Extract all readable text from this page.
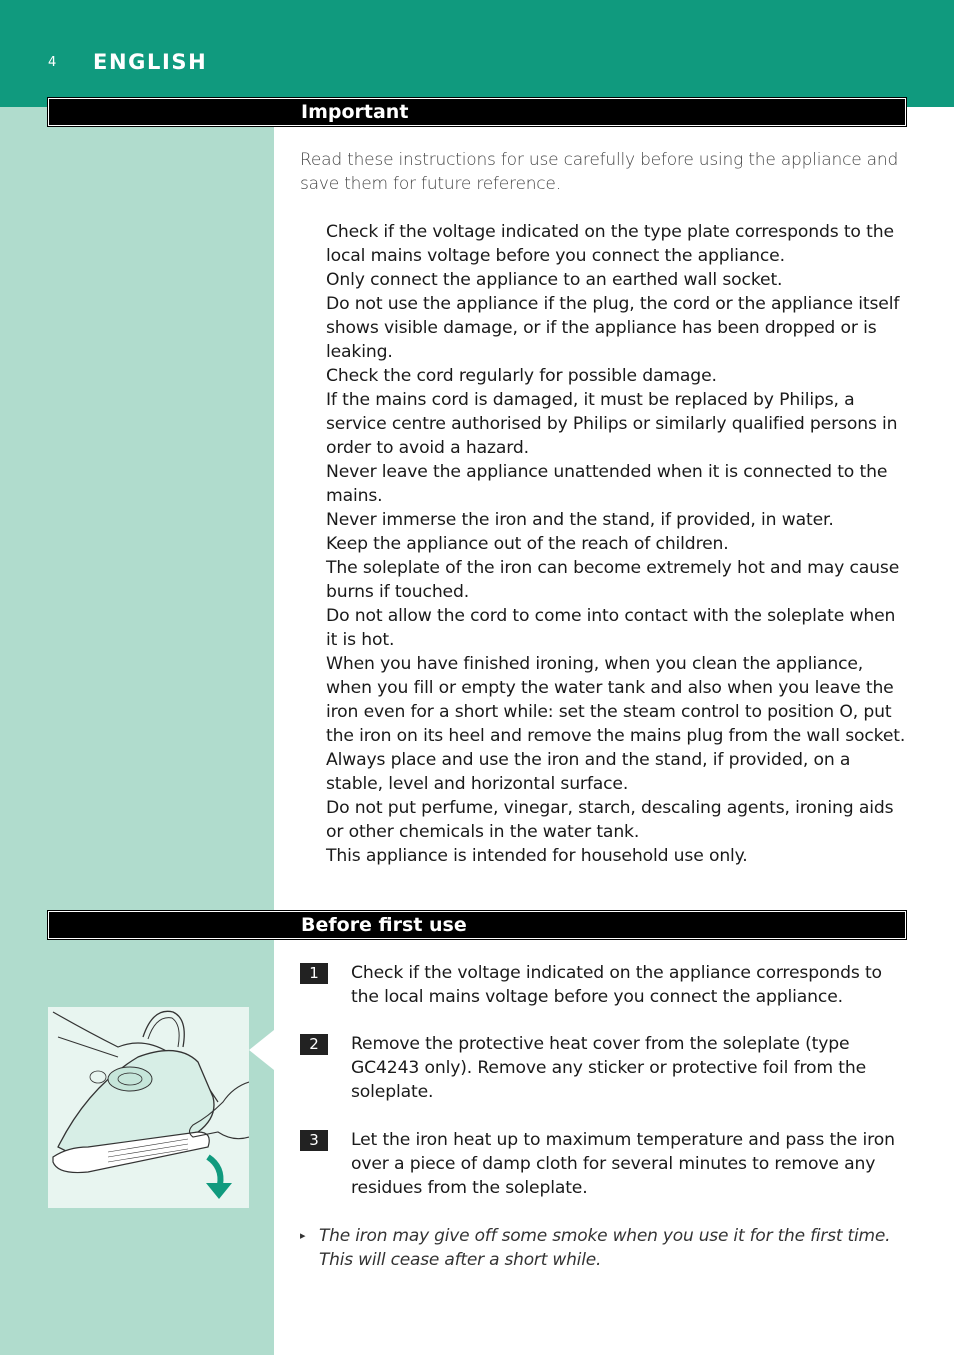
4 ENGLISH
Important
Read these instructions for use carefully before using the appliance and save them for future reference.
Check if the voltage indicated on the type plate corresponds to the local mains voltage before you connect the appliance.
Only connect the appliance to an earthed wall socket.
Do not use the appliance if the plug, the cord or the appliance itself shows visible damage, or if the appliance has been dropped or is leaking.
Check the cord regularly for possible damage.
If the mains cord is damaged, it must be replaced by Philips, a service centre authorised by Philips or similarly qualified persons in order to avoid a hazard.
Never leave the appliance unattended when it is connected to the mains.
Never immerse the iron and the stand, if provided, in water.
Keep the appliance out of the reach of children.
The soleplate of the iron can become extremely hot and may cause burns if touched.
Do not allow the cord to come into contact with the soleplate when it is hot.
When you have finished ironing, when you clean the appliance, when you fill or empty the water tank and also when you leave the iron even for a short while: set the steam control to position O, put the iron on its heel and remove the mains plug from the wall socket.
Always place and use the iron and the stand, if provided, on a stable, level and horizontal surface.
Do not put perfume, vinegar, starch, descaling agents, ironing aids or other chemicals in the water tank.
This appliance is intended for household use only.
Before first use
1	Check if the voltage indicated on the appliance corresponds to the local mains voltage before you connect the appliance.
2	Remove the protective heat cover from the soleplate (type GC4243 only). Remove any sticker or protective foil from the soleplate.
3	Let the iron heat up to maximum temperature and pass the iron over a piece of damp cloth for several minutes to remove any residues from the soleplate.
▸ The iron may give off some smoke when you use it for the first time. This will cease after a short while.
